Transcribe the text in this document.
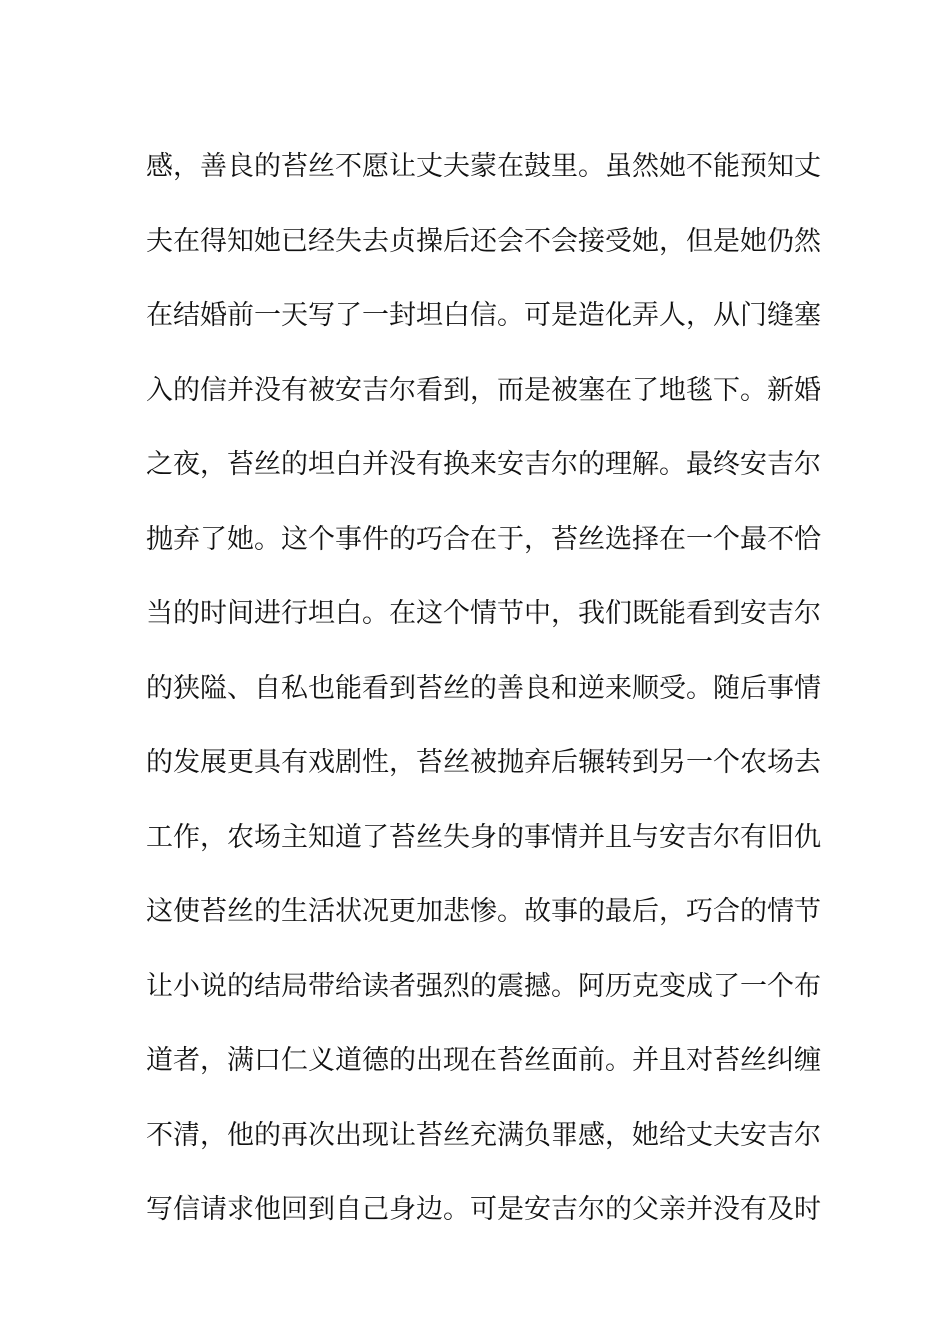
感，善良的苔丝不愿让丈夫蒙在鼓里。虽然她不能预知丈
夫在得知她已经失去贞操后还会不会接受她，但是她仍然
在结婚前一天写了一封坦白信。可是造化弄人，从门缝塞
入的信并没有被安吉尔看到，而是被塞在了地毯下。新婚
之夜，苔丝的坦白并没有换来安吉尔的理解。最终安吉尔
抛弃了她。这个事件的巧合在于，苔丝选择在一个最不恰
当的时间进行坦白。在这个情节中，我们既能看到安吉尔
的狭隘、自私也能看到苔丝的善良和逆来顺受。随后事情
的发展更具有戏剧性，苔丝被抛弃后辗转到另一个农场去
工作，农场主知道了苔丝失身的事情并且与安吉尔有旧仇
这使苔丝的生活状况更加悲惨。故事的最后，巧合的情节
让小说的结局带给读者强烈的震撼。阿历克变成了一个布
道者，满口仁义道德的出现在苔丝面前。并且对苔丝纠缠
不清，他的再次出现让苔丝充满负罪感，她给丈夫安吉尔
写信请求他回到自己身边。可是安吉尔的父亲并没有及时
